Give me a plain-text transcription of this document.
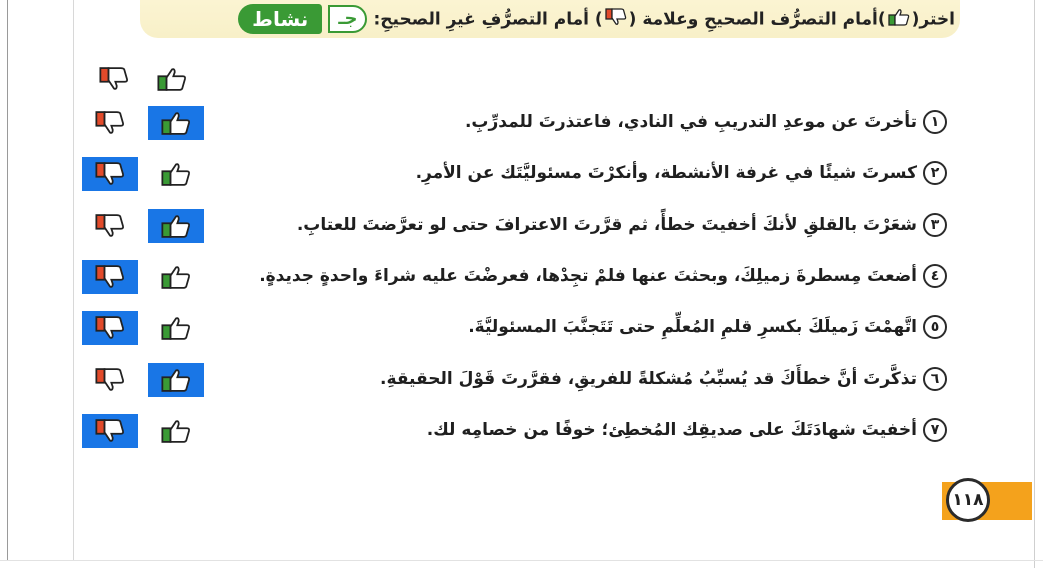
نشاط	جـ	اختر()أمام التصرُّف الصحيحِ وعلامة () أمام التصرُّفِ غيرِ الصحيحِ:
١تأخرتَ عن موعدِ التدريبِ في النادي، فاعتذرتَ للمدرِّبِ.
٢كسرتَ شيئًا في غرفة الأنشطة، وأنكرْتَ مسئوليَّتَك عن الأمرِ.
٣شعَرْتَ بالقلقِ لأنكَ أخفيتَ خطأً، ثم قرَّرتَ الاعترافَ حتى لو تعرَّضتَ للعتابِ.
٤أضعتَ مِسطرةَ زميلِكَ، وبحثتَ عنها فلمْ تجِدْها، فعرضْتَ عليه شراءَ واحدةٍ جديدةٍ.
٥اتَّهمْتَ زَميلَكَ بكسرِ قلمِ المُعلِّمِ حتى تَتَجنَّبَ المسئوليَّةَ.
٦تذكَّرتَ أنَّ خطأَكَ قد يُسبِّبُ مُشكلةً للفريقِ، فقرَّرتَ قَوْلَ الحقيقةِ.
٧أخفيتَ شهادَتَكَ على صديقِك المُخطِئ؛ خوفًا من خصامِه لك.
١١٨
